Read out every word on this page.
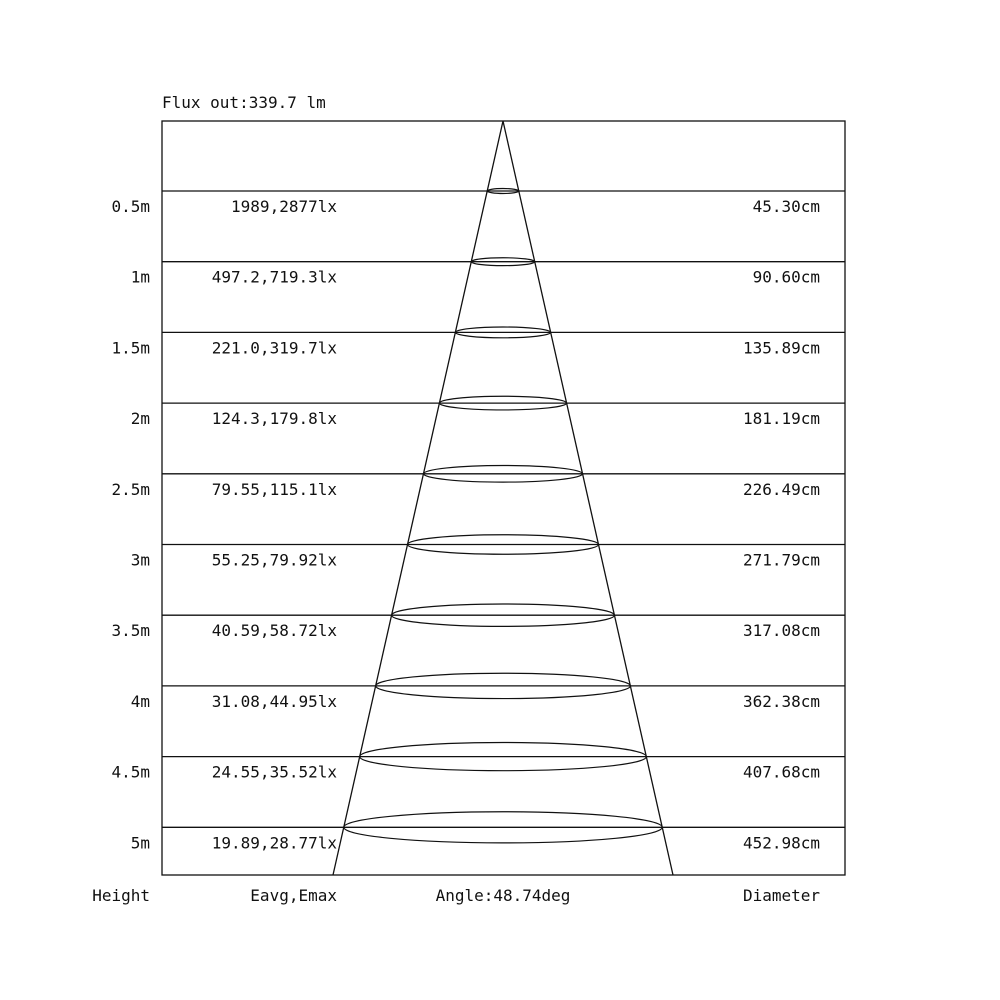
0.5m	1989,2877lx	45.30cm
1m	497.2,719.3lx	90.60cm
1.5m	221.0,319.7lx	135.89cm
2m	124.3,179.8lx	181.19cm
2.5m	79.55,115.1lx	226.49cm
3m	55.25,79.92lx	271.79cm
3.5m	40.59,58.72lx	317.08cm
4m	31.08,44.95lx	362.38cm
4.5m	24.55,35.52lx	407.68cm
5m	19.89,28.77lx	452.98cm
Flux out:339.7 lm
Height	Eavg,Emax	Angle:48.74deg	Diameter
